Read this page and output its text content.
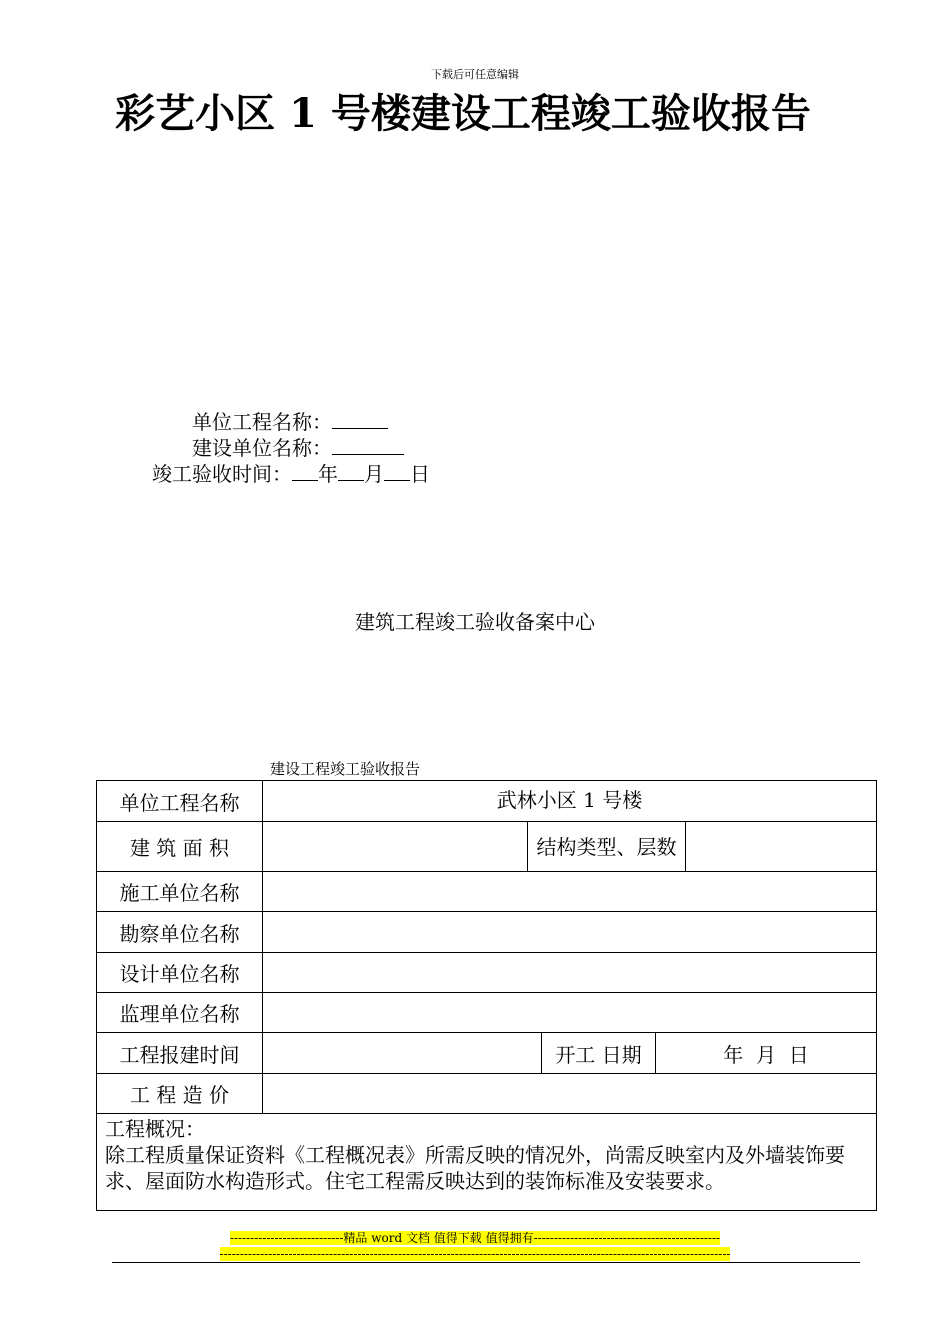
下载后可任意编辑
彩艺小区 1 号楼建设工程竣工验收报告
单位工程名称：
建设单位名称：
竣工验收时间： 年 月 日
建筑工程竣工验收备案中心
建设工程竣工验收报告
单位工程名称	武林小区 1 号楼				
建 筑 面 积		结构类型、层数			
施工单位名称					
勘察单位名称					
设计单位名称					
监理单位名称					
工程报建时间			开工 日期	年  月  日	
工 程 造 价					

工程概况：
除工程质量保证资料《工程概况表》所需反映的情况外，尚需反映室内及外墙装饰要求、屋面防水构造形式。住宅工程需反映达到的装饰标准及安装要求。					
----------------------------精品 word 文档 值得下载 值得拥有----------------------------------------------
------------------------------------------------------------------------------------------------------------------------------
